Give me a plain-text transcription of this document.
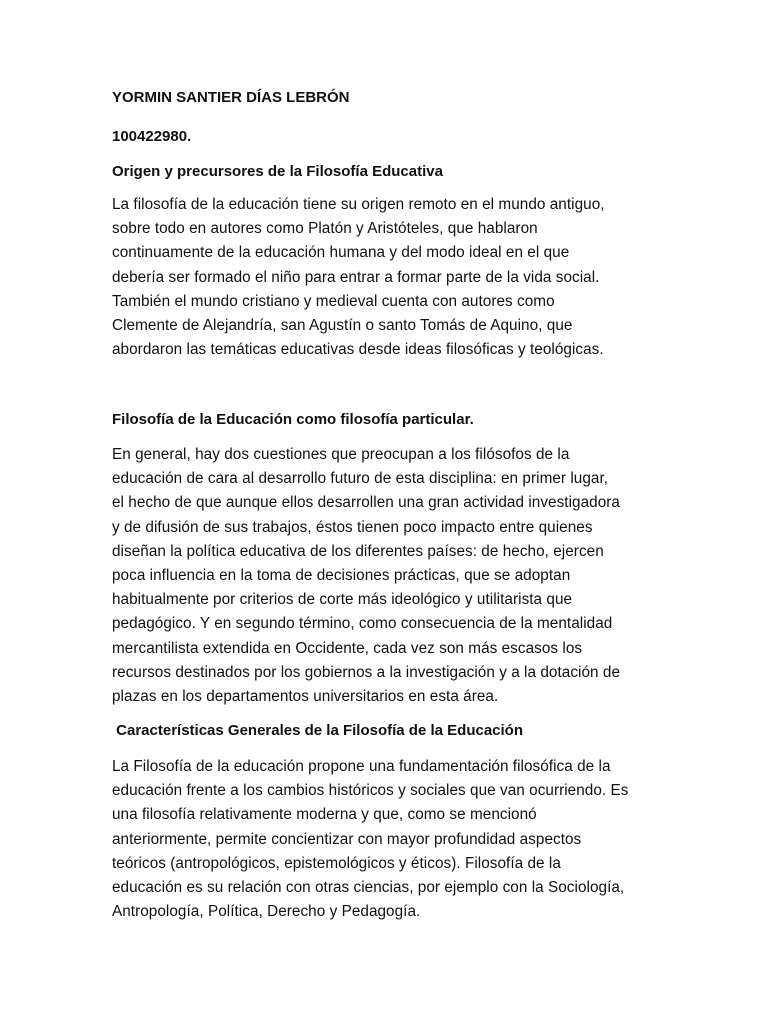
YORMIN SANTIER DÍAS LEBRÓN

100422980.

Origen y precursores de la Filosofía Educativa

La filosofía de la educación tiene su origen remoto en el mundo antiguo,
sobre todo en autores como Platón y Aristóteles, que hablaron
continuamente de la educación humana y del modo ideal en el que
debería ser formado el niño para entrar a formar parte de la vida social.
También el mundo cristiano y medieval cuenta con autores como
Clemente de Alejandría, san Agustín o santo Tomás de Aquino, que
abordaron las temáticas educativas desde ideas filosóficas y teológicas.

Filosofía de la Educación como filosofía particular.

En general, hay dos cuestiones que preocupan a los filósofos de la
educación de cara al desarrollo futuro de esta disciplina: en primer lugar,
el hecho de que aunque ellos desarrollen una gran actividad investigadora
y de difusión de sus trabajos, éstos tienen poco impacto entre quienes
diseñan la política educativa de los diferentes países: de hecho, ejercen
poca influencia en la toma de decisiones prácticas, que se adoptan
habitualmente por criterios de corte más ideológico y utilitarista que
pedagógico. Y en segundo término, como consecuencia de la mentalidad
mercantilista extendida en Occidente, cada vez son más escasos los
recursos destinados por los gobiernos a la investigación y a la dotación de
plazas en los departamentos universitarios en esta área.

Características Generales de la Filosofía de la Educación

La Filosofía de la educación propone una fundamentación filosófica de la
educación frente a los cambios históricos y sociales que van ocurriendo. Es
una filosofía relativamente moderna y que, como se mencionó
anteriormente, permite concientizar con mayor profundidad aspectos
teóricos (antropológicos, epistemológicos y éticos). Filosofía de la
educación es su relación con otras ciencias, por ejemplo con la Sociología,
Antropología, Política, Derecho y Pedagogía.
